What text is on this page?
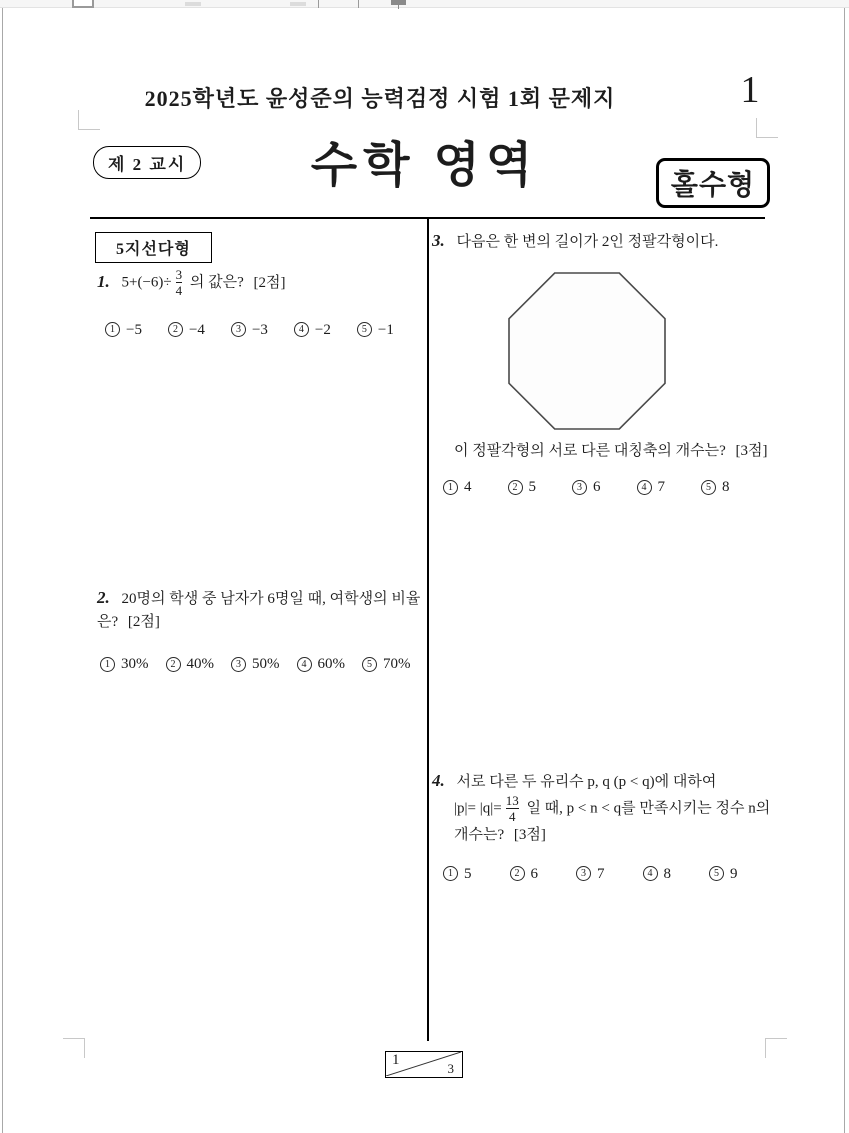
2025학년도 윤성준의 능력검정 시험 1회 문제지	1
제 2 교시	수학 영역	홀수형
5지선다형
1. $5+(-6)\div \frac{3}{4}$ 의 값은? [2점]
1 −5	2 −4	3 −3	4 −2	5 −1
2. 20명의 학생 중 남자가 6명일 때, 여학생의 비율은? [2점]
1 30%	2 40%	3 50%	4 60%	5 70%
3. 다음은 한 변의 길이가 2인 정팔각형이다.
이 정팔각형의 서로 다른 대칭축의 개수는? [3점]
1 4	2 5	3 6	4 7	5 8
4. 서로 다른 두 유리수 p, q (p < q)에 대하여
$|p|= |q|= \frac{13}{4}$ 일 때, p < n < q를 만족시키는 정수 n의
개수는? [3점]
1 5	2 6	3 7	4 8	5 9
1
3
